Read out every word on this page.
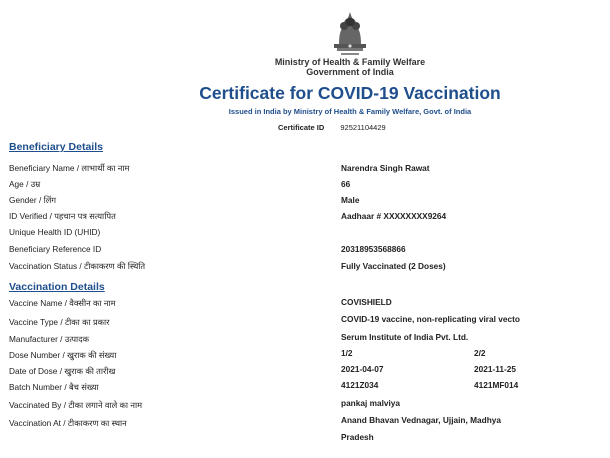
Ministry of Health & Family Welfare
Government of India
Certificate for COVID-19 Vaccination
Issued in India by Ministry of Health & Family Welfare, Govt. of India
Certificate ID 92521104429
Beneficiary Details
Beneficiary Name / लाभार्थी का नाम	Narendra Singh Rawat
Age / उम्र	66
Gender / लिंग	Male
ID Verified / पहचान पत्र सत्यापित	Aadhaar # XXXXXXXX9264
Unique Health ID (UHID)
Beneficiary Reference ID	20318953568866
Vaccination Status / टीकाकरण की स्थिति	Fully Vaccinated (2 Doses)
Vaccination Details
Vaccine Name / वैक्सीन का नाम	COVISHIELD
Vaccine Type / टीका का प्रकार	COVID-19 vaccine, non-replicating viral vecto
Manufacturer / उत्पादक	Serum Institute of India Pvt. Ltd.
Dose Number / खुराक की संख्या	1/2	2/2
Date of Dose / खुराक की तारीख	2021-04-07	2021-11-25
Batch Number / बैच संख्या	4121Z034	4121MF014
Vaccinated By / टीका लगाने वाले का नाम	pankaj malviya
Vaccination At / टीकाकरण का स्थान	Anand Bhavan Vednagar, Ujjain, Madhya
Pradesh
